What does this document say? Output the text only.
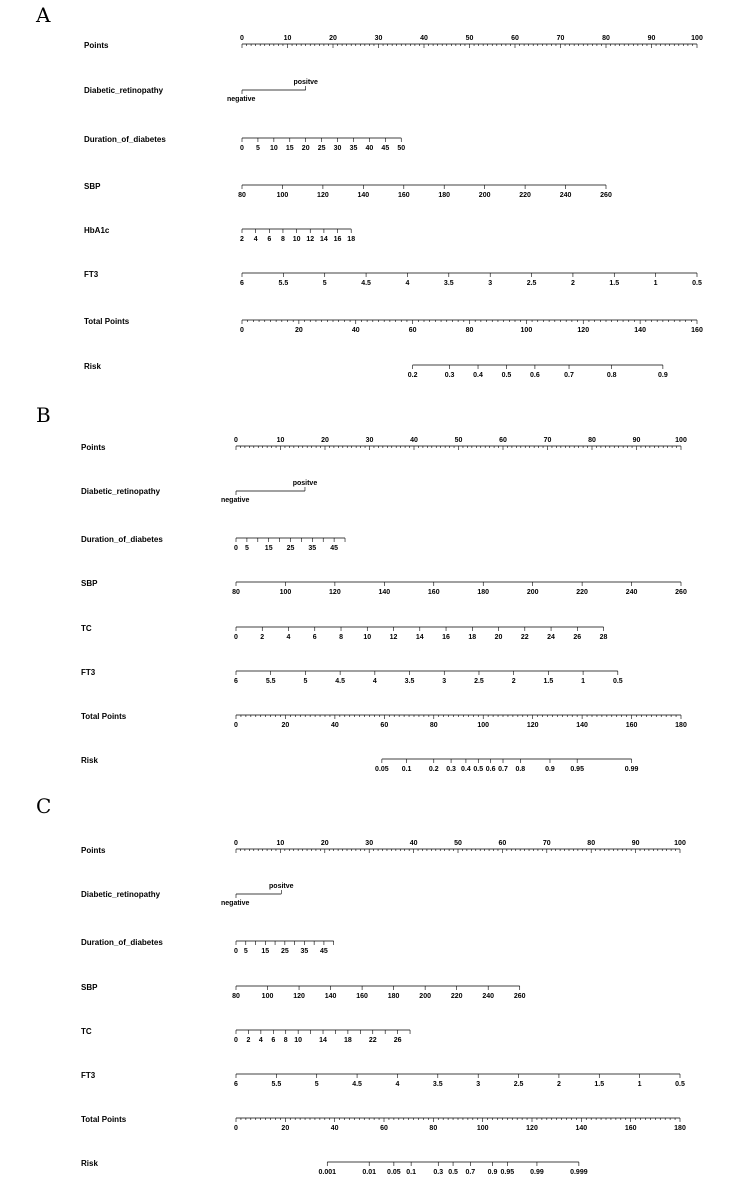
A
Points
0	10	20	30	40	50	60	70	80	90	100
Diabetic_retinopathy
negative
positve
Duration_of_diabetes
0 5 10 15 20 25 30 35 40 45 50
SBP
80	100	120	140	160	180	200	220	240	260
HbA1c
2 4 6 8 10 12 14 16 18
FT3
6	5.5	5	4.5	4	3.5	3	2.5	2	1.5	1	0.5
Total Points
0	20	40	60	80	100	120	140	160
Risk
0.2	0.3	0.4	0.5	0.6	0.7	0.8	0.9
B
Points
0	10	20	30	40	50	60	70	80	90	100
Diabetic_retinopathy
negative
positve
Duration_of_diabetes
0 5 15 25 35 45
SBP
80	100	120	140	160	180	200	220	240	260
TC
0	2	4	6	8	10	12	14	16	18	20	22	24	26	28
FT3
6	5.5	5	4.5	4	3.5	3	2.5	2	1.5	1	0.5
Total Points
0	20	40	60	80	100	120	140	160	180
Risk
0.05 0.1 0.2 0.3 0.4 0.5 0.6 0.7 0.8	0.9 0.95	0.99
C
Points
0	10	20	30	40	50	60	70	80	90	100
Diabetic_retinopathy
negative
positve
Duration_of_diabetes
0 5 15 25 35 45
SBP
80	100	120	140	160	180	200	220	240	260
TC
0 2 4 6 8 10 14 18 22 26
FT3
6	5.5	5	4.5	4	3.5	3	2.5	2	1.5	1	0.5
Total Points
0	20	40	60	80	100	120	140	160	180
Risk
0.001	0.01 0.05 0.1 0.3 0.5 0.7 0.9 0.95 0.99	0.999
